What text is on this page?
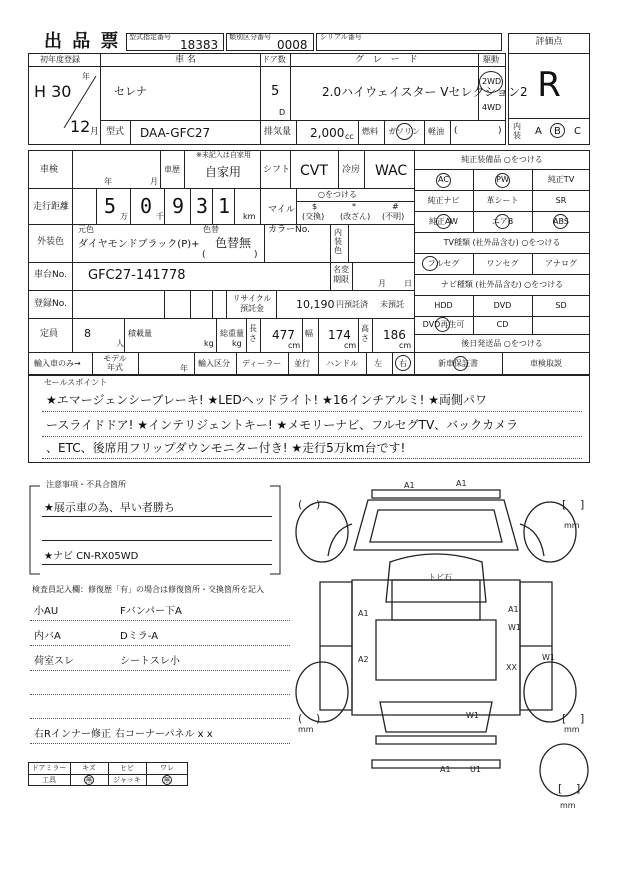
出 品 票 型式指定番号
18383
類別区分番号
0008
シリアル番号	評価点
R
内装 A B C
初年度登録
H 30
年
12 月
車 名
セレナ
ドア数
5
D
グ レ ー ド
2.0ハイウェイスター Vセレクション2
駆動
2WD
4WD
型式 DAA-GFC27	排気量 2,000 cc
燃料 ガソリン 軽油 (	)
車検
年	月
車歴
※未記入は自家用
自家用 シフト CVT 冷房 WAC
走行距離 5 万 0 千 9 3 1 km
マイル
○をつける
$
(交換)
*
(改ざん)
#
(不明)
外装色
元色	色替
ダイヤモンドブラック(P)+ 色替無
(	)
カラーNo.	内装色
車台No. GFC27-141778	名変期限	月 日
登録No.
リサイクル預託金	10,190 円預託済 未預託
定員 8
人
積載量
kg
総重量
kg
長さ 477
cm
幅 174
cm
高さ 186
cm
輸入車のみ→
モデル年式	年
輸入区分 ディーラー 並行 ハンドル 左 右
純正装備品 ○をつける
AC	PW	純正TV
純正ナビ	革シート	SR
純正AW	エアB	ABS
TV種類 (社外品含む) ○をつける
フルセグ	ワンセグ	アナログ
ナビ種類 (社外品含む) ○をつける
HDD	DVD	SD
DVD再生可	CD
後日発送品 ○をつける
新車保証書	車検取説
セールスポイント
★エマージェンシーブレーキ! ★LEDヘッドライト! ★16インチアルミ! ★両側パワ
ースライドドア! ★インテリジェントキー! ★メモリーナビ、フルセグTV、バックカメラ
、ETC、後席用フリップダウンモニター付き! ★走行5万km台です!
注意事項・不具合箇所
★展示車の為、早い者勝ち
★ナビ CN-RX05WD
検査員記入欄：修復歴「有」の場合は修復箇所・交換箇所を記入
小AU	Fバンパー下A
内バA	Dミラ-A
荷室スレ	シートスレ小
右Rインナー修正 右コーナーパネル x x
ドアミラー	キズ	ヒビ	ワレ
工具	無	ジャッキ	無
( )	[ ]
mm
( )
mm
[ ]
mm
[ ]
mm
A1	A1
トビ石
A1	A1
W1
A2
XX
W1
W1
A1 U1
